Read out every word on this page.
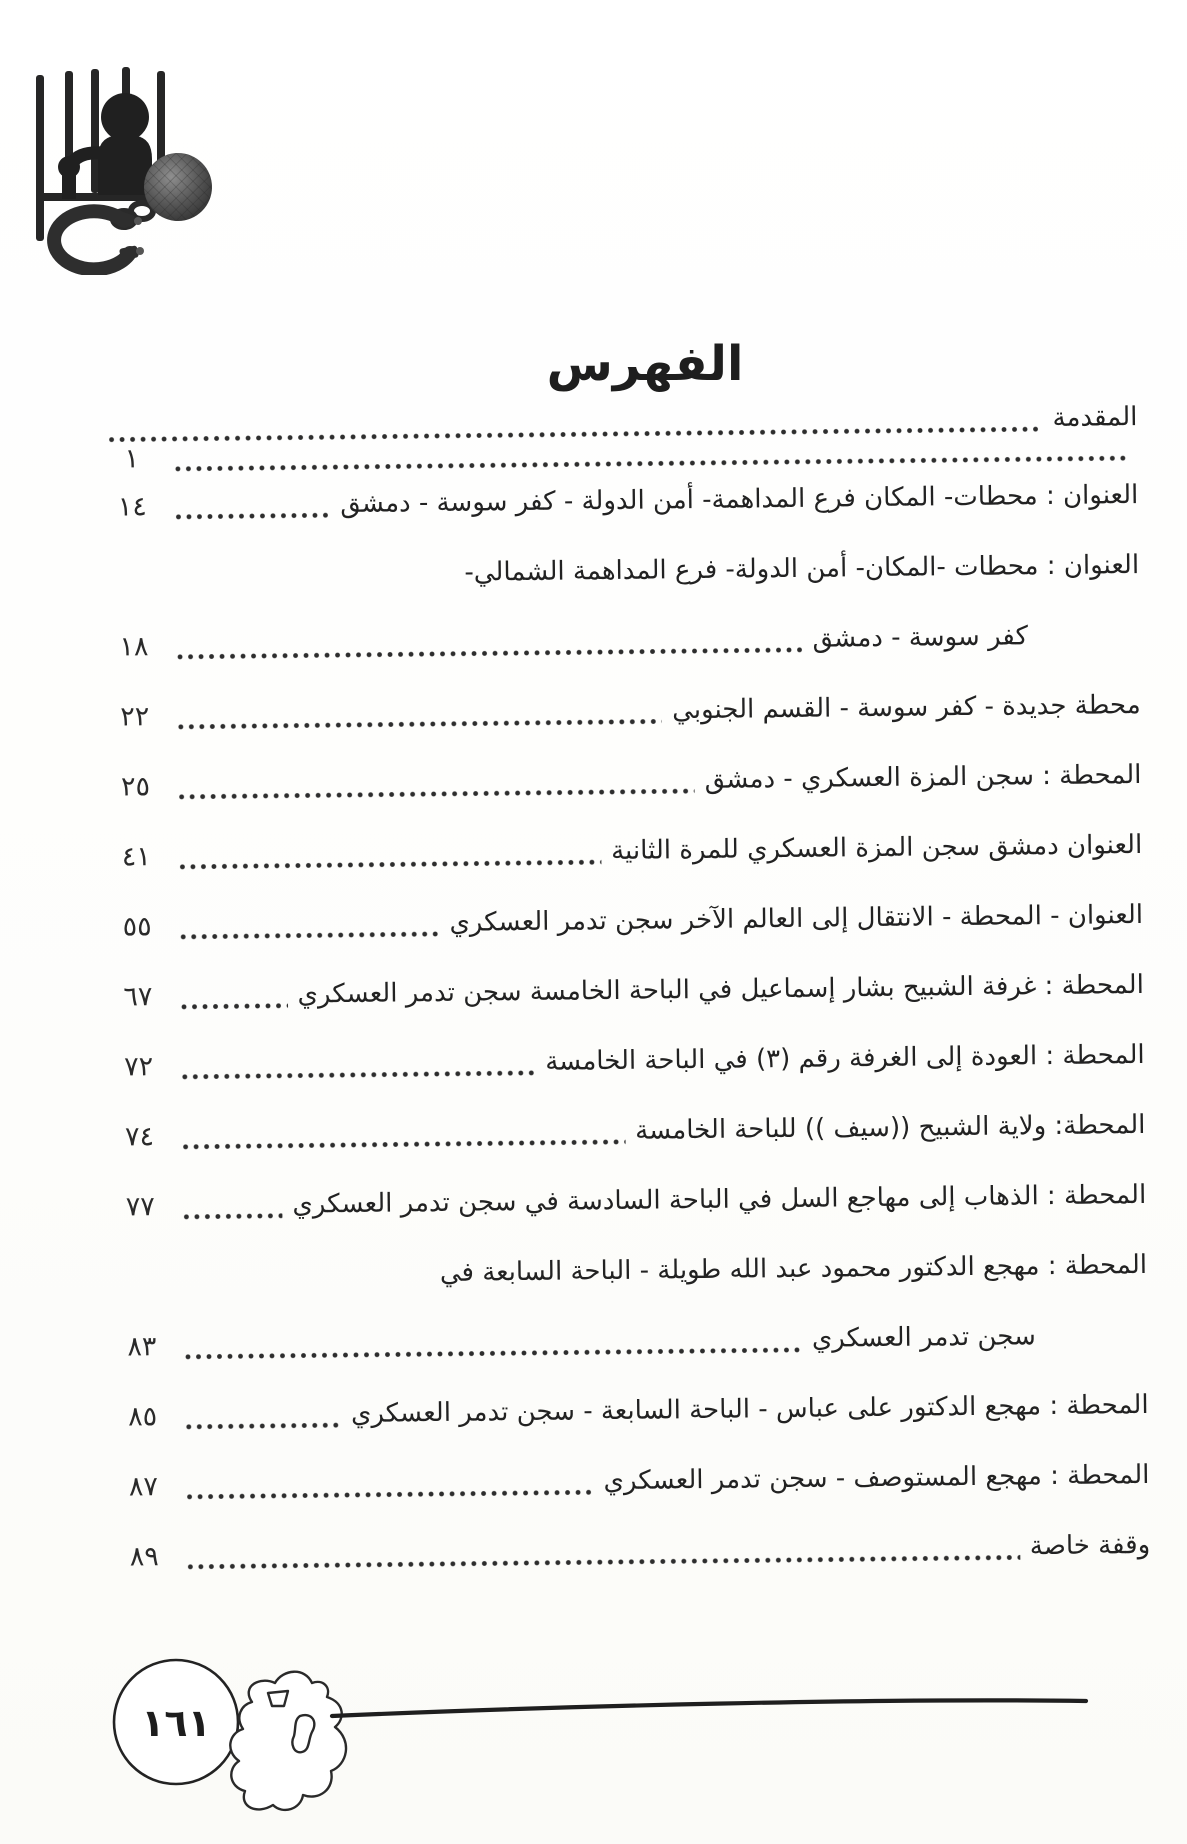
الفهرس
المقدمة
١
العنوان : محطات- المكان فرع المداهمة- أمن الدولة - كفر سوسة - دمشق
١٤
العنوان : محطات -المكان- أمن الدولة- فرع المداهمة الشمالي-
كفر سوسة - دمشق
١٨
محطة جديدة - كفر سوسة - القسم الجنوبي
٢٢
المحطة : سجن المزة العسكري - دمشق
٢٥
العنوان دمشق سجن المزة العسكري للمرة الثانية
٤١
العنوان - المحطة - الانتقال إلى العالم الآخر سجن تدمر العسكري
٥٥
المحطة : غرفة الشبيح بشار إسماعيل في الباحة الخامسة سجن تدمر العسكري
٦٧
المحطة : العودة إلى الغرفة رقم (٣) في الباحة الخامسة
٧٢
المحطة: ولاية الشبيح ((سيف )) للباحة الخامسة
٧٤
المحطة : الذهاب إلى مهاجع السل في الباحة السادسة في سجن تدمر العسكري
٧٧
المحطة : مهجع الدكتور محمود عبد الله طويلة - الباحة السابعة في
سجن تدمر العسكري
٨٣
المحطة : مهجع الدكتور على عباس - الباحة السابعة - سجن تدمر العسكري
٨٥
المحطة : مهجع المستوصف - سجن تدمر العسكري
٨٧
وقفة خاصة
٨٩
١٦١
